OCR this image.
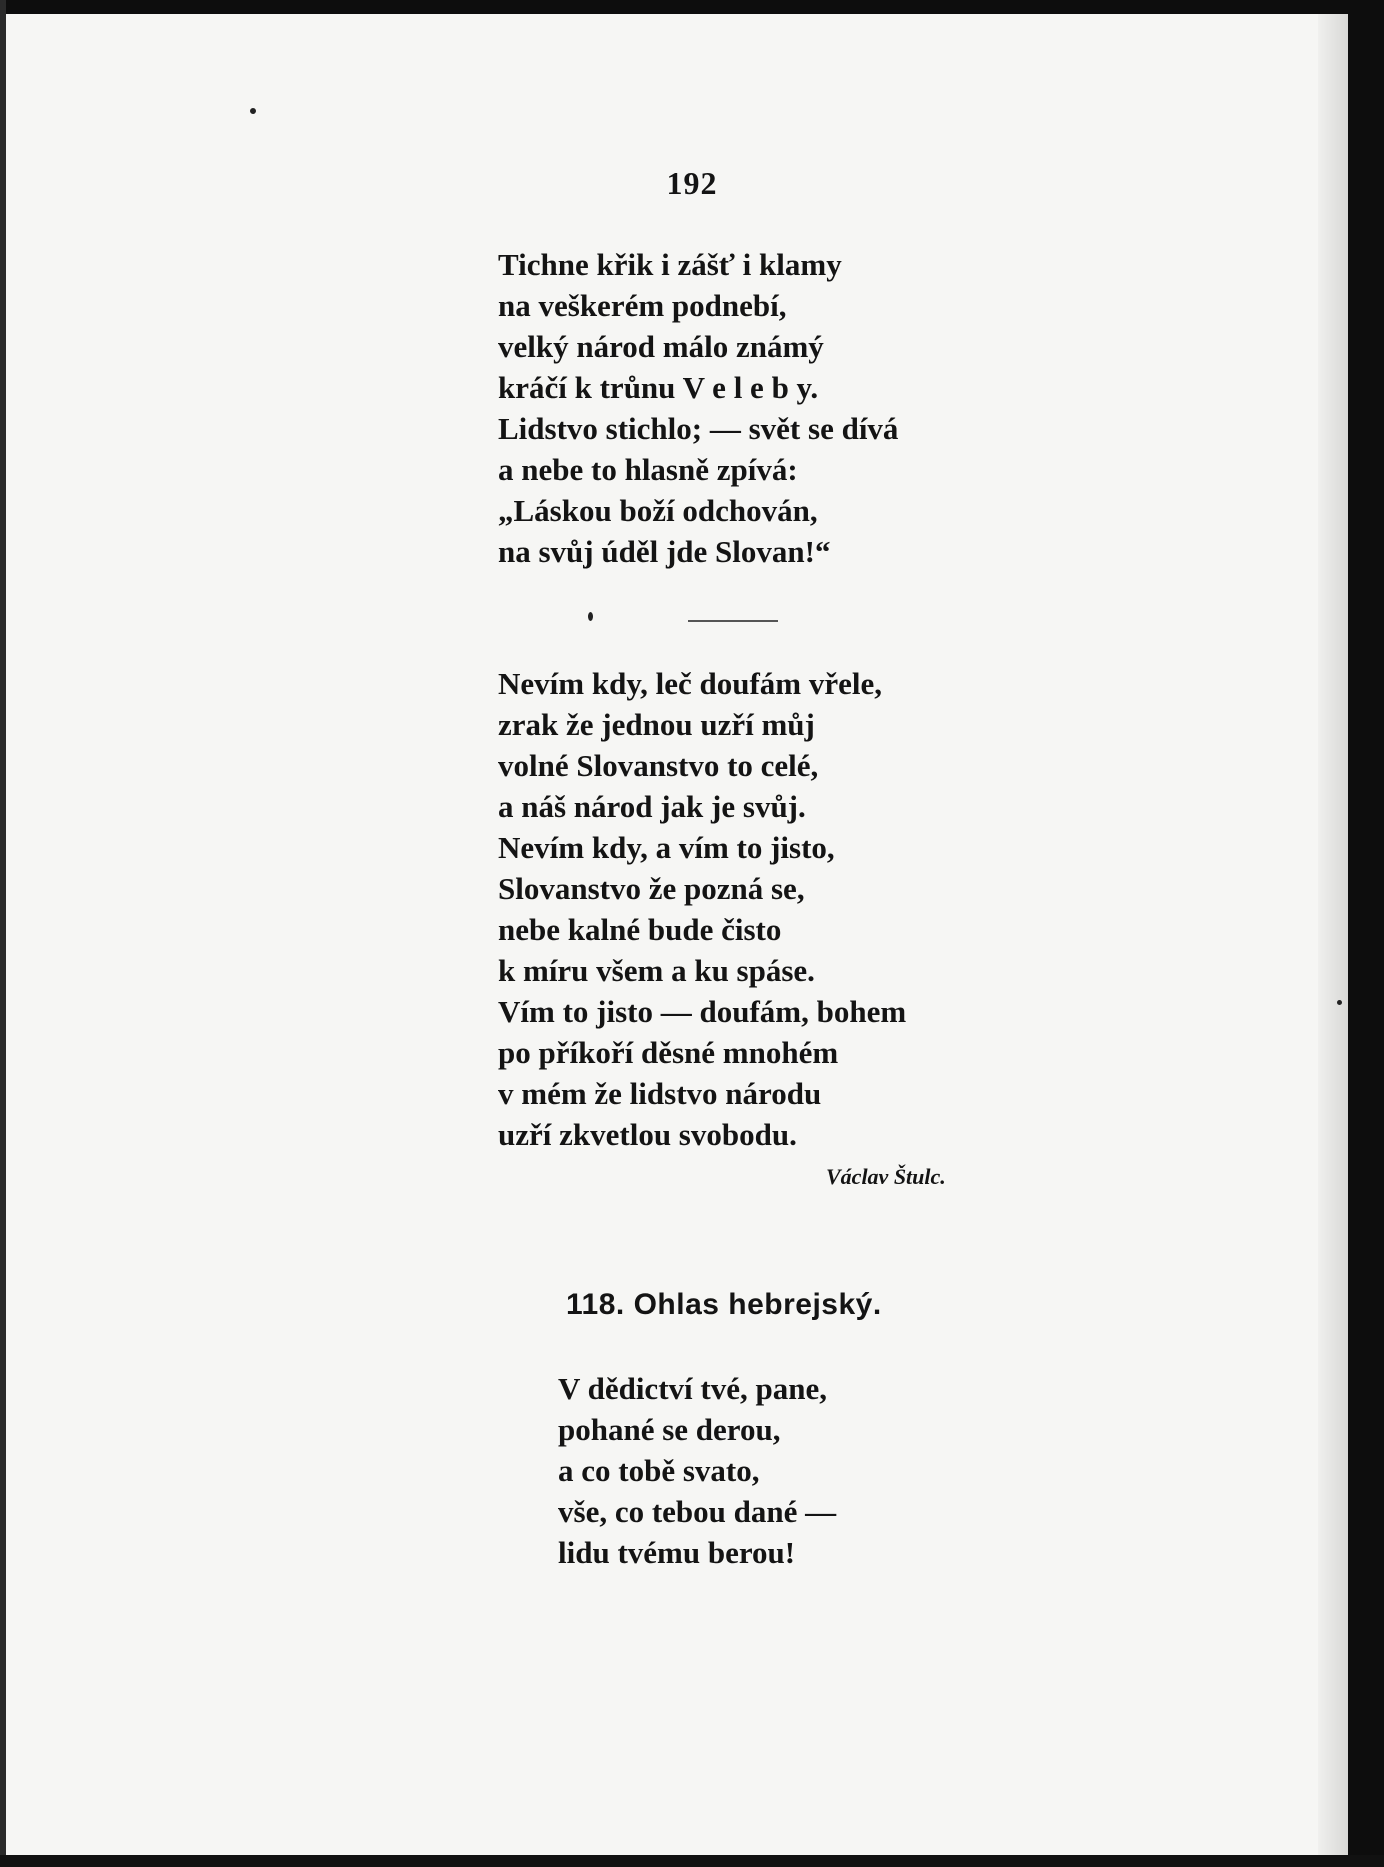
192
Tichne křik i zášť i klamy
na veškerém podnebí,
velký národ málo známý
kráčí k trůnu V e l e b y.
Lidstvo stichlo; — svět se dívá
a nebe to hlasně zpívá:
„Láskou boží odchován,
na svůj úděl jde Slovan!“
Nevím kdy, leč doufám vřele,
zrak že jednou uzří můj
volné Slovanstvo to celé,
a náš národ jak je svůj.
Nevím kdy, a vím to jisto,
Slovanstvo že pozná se,
nebe kalné bude čisto
k míru všem a ku spáse.
Vím to jisto — doufám, bohem
po příkoří děsné mnohém
v mém že lidstvo národu
uzří zkvetlou svobodu.
Václav Štulc.
118. Ohlas hebrejský.
V dědictví tvé, pane,
pohané se derou,
a co tobě svato,
vše, co tebou dané —
lidu tvému berou!
